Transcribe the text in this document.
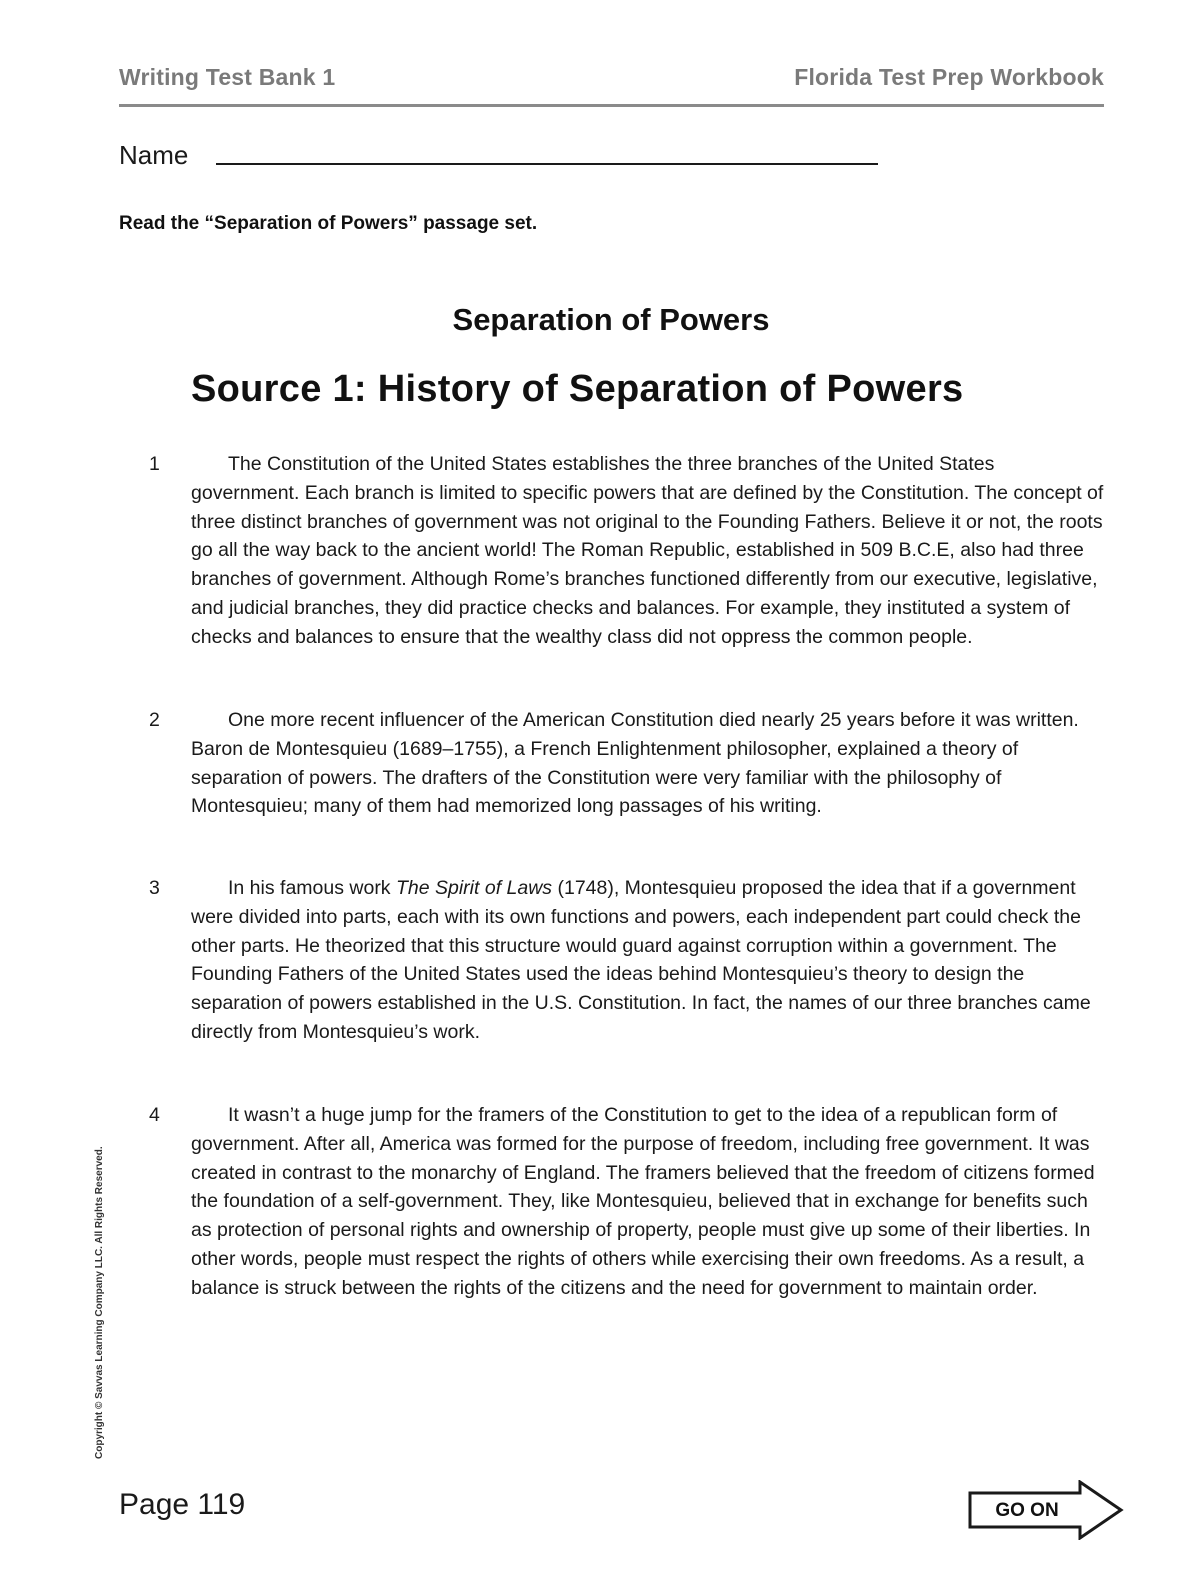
Writing Test Bank 1	Florida Test Prep Workbook
Name
Read the “Separation of Powers” passage set.
Separation of Powers
Source 1: History of Separation of Powers
1	The Constitution of the United States establishes the three branches of the United States government. Each branch is limited to specific powers that are defined by the Constitution. The concept of three distinct branches of government was not original to the Founding Fathers. Believe it or not, the roots go all the way back to the ancient world! The Roman Republic, established in 509 B.C.E, also had three branches of government. Although Rome’s branches functioned differently from our executive, legislative, and judicial branches, they did practice checks and balances. For example, they instituted a system of checks and balances to ensure that the wealthy class did not oppress the common people.
2	One more recent influencer of the American Constitution died nearly 25 years before it was written. Baron de Montesquieu (1689–1755), a French Enlightenment philosopher, explained a theory of separation of powers. The drafters of the Constitution were very familiar with the philosophy of Montesquieu; many of them had memorized long passages of his writing.
3	In his famous work The Spirit of Laws (1748), Montesquieu proposed the idea that if a government were divided into parts, each with its own functions and powers, each independent part could check the other parts. He theorized that this structure would guard against corruption within a government. The Founding Fathers of the United States used the ideas behind Montesquieu’s theory to design the separation of powers established in the U.S. Constitution. In fact, the names of our three branches came directly from Montesquieu’s work.
4	It wasn’t a huge jump for the framers of the Constitution to get to the idea of a republican form of government. After all, America was formed for the purpose of freedom, including free government. It was created in contrast to the monarchy of England. The framers believed that the freedom of citizens formed the foundation of a self-government. They, like Montesquieu, believed that in exchange for benefits such as protection of personal rights and ownership of property, people must give up some of their liberties. In other words, people must respect the rights of others while exercising their own freedoms. As a result, a balance is struck between the rights of the citizens and the need for government to maintain order.
Copyright © Savvas Learning Company LLC. All Rights Reserved.
Page 119	GO ON
